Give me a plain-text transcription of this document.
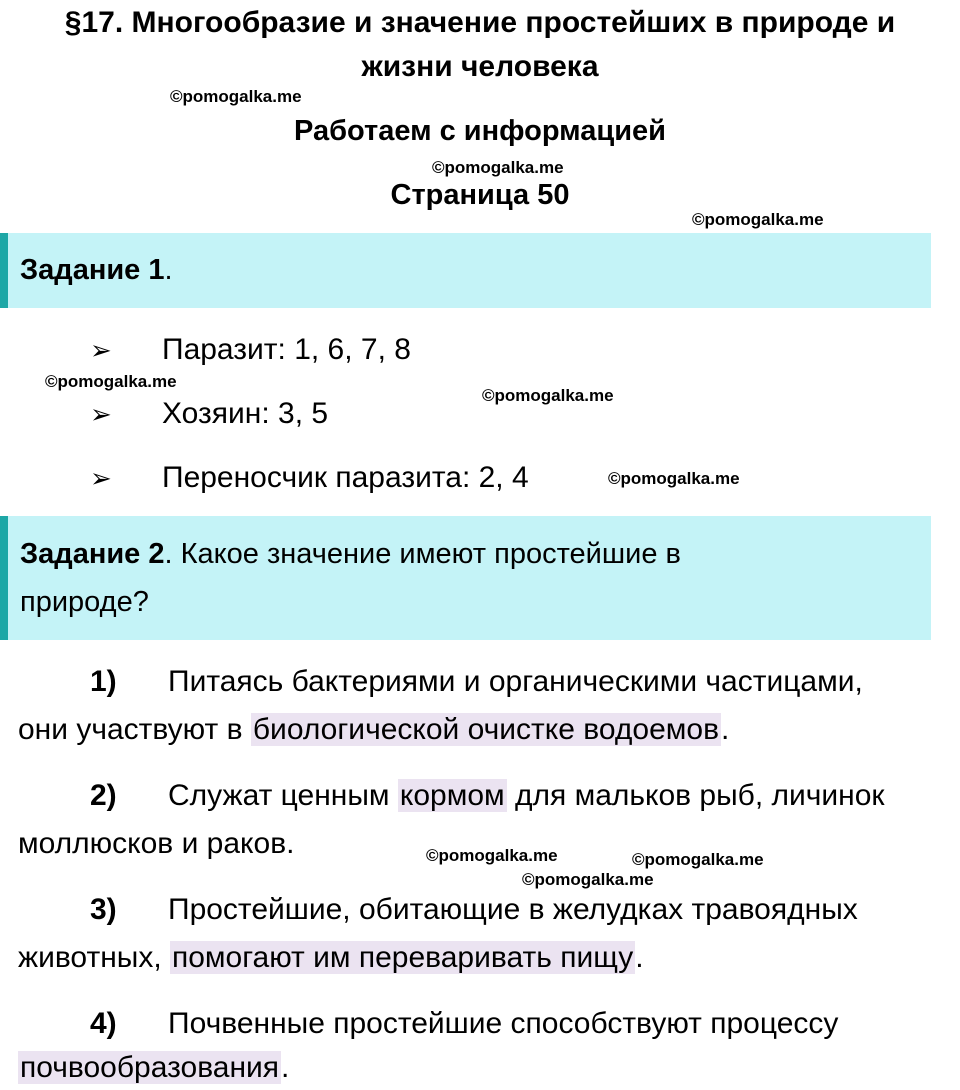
§17. Многообразие и значение простейших в природе и
жизни человека
©pomogalka.me
Работаем с информацией
©pomogalka.me
Страница 50
©pomogalka.me
Задание 1.
➢ Паразит: 1, 6, 7, 8
©pomogalka.me
©pomogalka.me
➢ Хозяин: 3, 5
➢ Переносчик паразита: 2, 4	©pomogalka.me
Задание 2. Какое значение имеют простейшие в
природе?
1) Питаясь бактериями и органическими частицами,
они участвуют в биологической очистке водоемов.
2) Служат ценным кормом для мальков рыб, личинок
моллюсков и раков.	©pomogalka.me	©pomogalka.me
©pomogalka.me
3) Простейшие, обитающие в желудках травоядных
животных, помогают им переваривать пищу.
4) Почвенные простейшие способствуют процессу
почвообразования.
